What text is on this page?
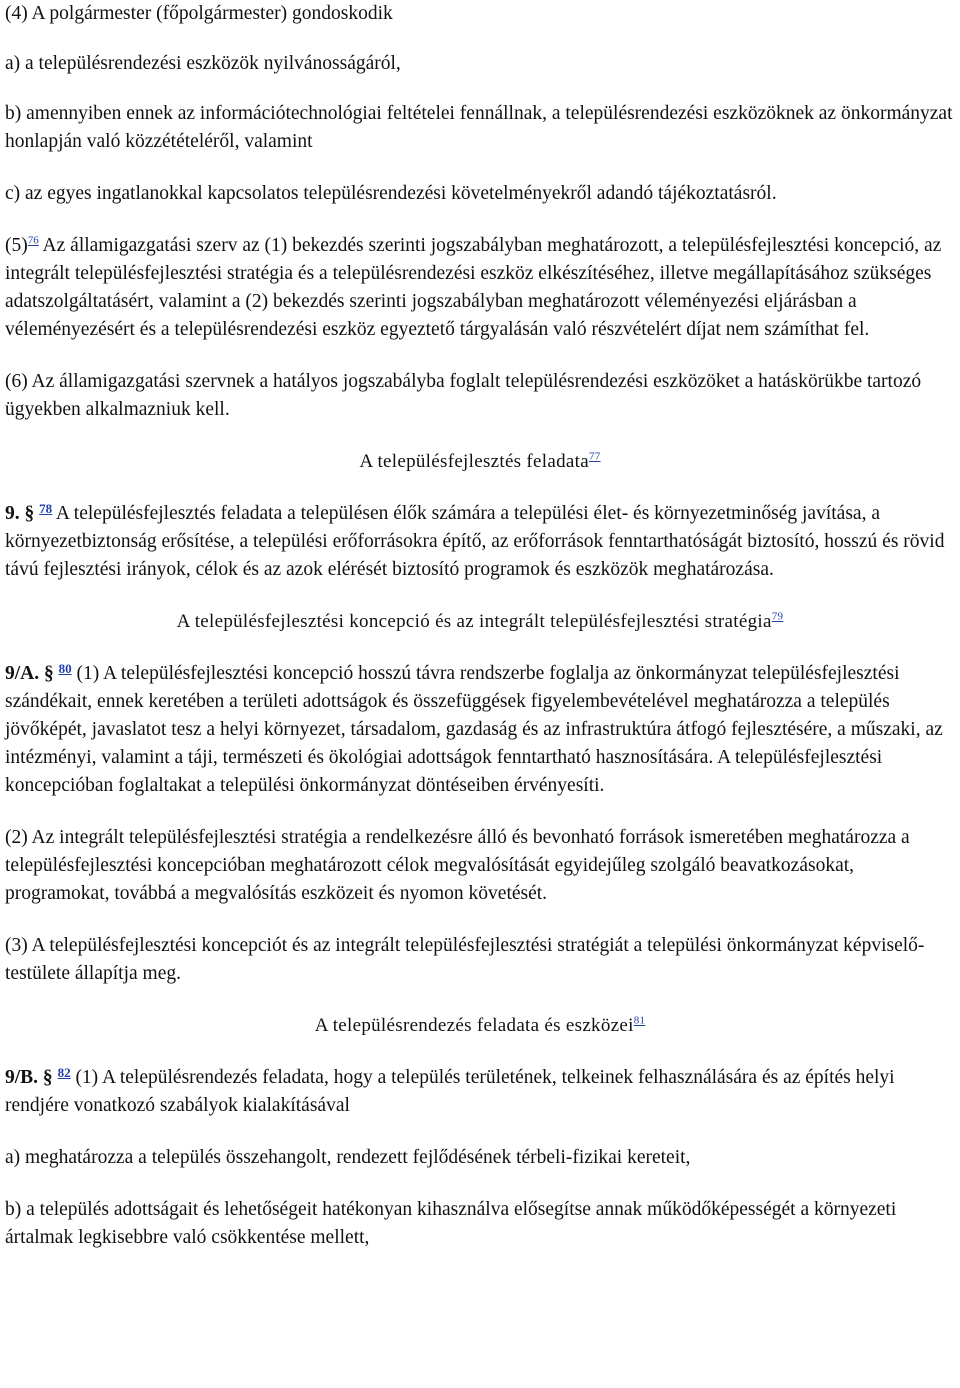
(4) A polgármester (főpolgármester) gondoskodik

a) a településrendezési eszközök nyilvánosságáról,

b) amennyiben ennek az információtechnológiai feltételei fennállnak, a településrendezési eszközöknek az önkormányzat honlapján való közzétételéről, valamint

c) az egyes ingatlanokkal kapcsolatos településrendezési követelményekről adandó tájékoztatásról.

(5)$^{76}$ Az államigazgatási szerv az (1) bekezdés szerinti jogszabályban meghatározott, a településfejlesztési koncepció, az integrált településfejlesztési stratégia és a településrendezési eszköz elkészítéséhez, illetve megállapításához szükséges adatszolgáltatásért, valamint a (2) bekezdés szerinti jogszabályban meghatározott véleményezési eljárásban a véleményezésért és a településrendezési eszköz egyeztető tárgyalásán való részvételért díjat nem számíthat fel.

(6) Az államigazgatási szervnek a hatályos jogszabályba foglalt településrendezési eszközöket a hatáskörükbe tartozó ügyekben alkalmazniuk kell.

A településfejlesztés feladata$^{77}$

9. § $^{78}$ A településfejlesztés feladata a településen élők számára a települési élet- és környezetminőség javítása, a környezetbiztonság erősítése, a települési erőforrásokra építő, az erőforrások fenntarthatóságát biztosító, hosszú és rövid távú fejlesztési irányok, célok és az azok elérését biztosító programok és eszközök meghatározása.

A településfejlesztési koncepció és az integrált településfejlesztési stratégia$^{79}$

9/A. § $^{80}$ (1) A településfejlesztési koncepció hosszú távra rendszerbe foglalja az önkormányzat településfejlesztési szándékait, ennek keretében a területi adottságok és összefüggések figyelembevételével meghatározza a település jövőképét, javaslatot tesz a helyi környezet, társadalom, gazdaság és az infrastruktúra átfogó fejlesztésére, a műszaki, az intézményi, valamint a táji, természeti és ökológiai adottságok fenntartható hasznosítására. A településfejlesztési koncepcióban foglaltakat a települési önkormányzat döntéseiben érvényesíti.

(2) Az integrált településfejlesztési stratégia a rendelkezésre álló és bevonható források ismeretében meghatározza a településfejlesztési koncepcióban meghatározott célok megvalósítását egyidejűleg szolgáló beavatkozásokat, programokat, továbbá a megvalósítás eszközeit és nyomon követését.

(3) A településfejlesztési koncepciót és az integrált településfejlesztési stratégiát a települési önkormányzat képviselő-testülete állapítja meg.

A településrendezés feladata és eszközei$^{81}$

9/B. § $^{82}$ (1) A településrendezés feladata, hogy a település területének, telkeinek felhasználására és az építés helyi rendjére vonatkozó szabályok kialakításával

a) meghatározza a település összehangolt, rendezett fejlődésének térbeli-fizikai kereteit,

b) a település adottságait és lehetőségeit hatékonyan kihasználva elősegítse annak működőképességét a környezeti ártalmak legkisebbre való csökkentése mellett,
